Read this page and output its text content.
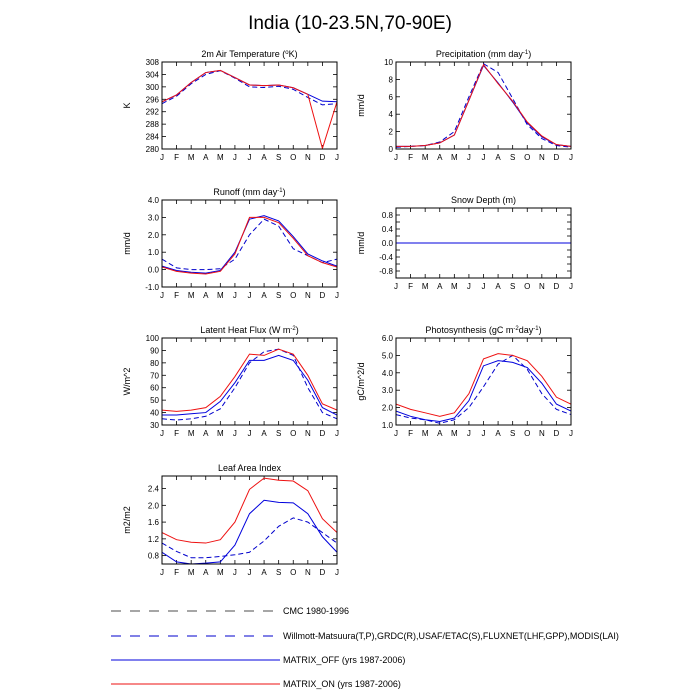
India (10-23.5N,70-90E)
2m Air Temperature ($^o$K)
K
280
284
288
292
296
300
304
308
J F M A M J J A S O N D J
Precipitation (mm day$^{-1}$)
mm/d
0
2
4
6
8
10
J F M A M J J A S O N D J
Runoff (mm day$^{-1}$)
mm/d
-1.0
0.0
1.0
2.0
3.0
4.0
J F M A M J J A S O N D J
Snow Depth (m)
mm/d
-0.8
-0.4
0.0
0.4
0.8
J F M A M J J A S O N D J
Latent Heat Flux (W $m^{-2}$)
W/m^2
30
40
50
60
70
80
90
100
J F M A M J J A S O N D J
Photosynthesis (gC $m^{-2}day^{-1}$)
gC/m^2/d
1.0
2.0
3.0
4.0
5.0
6.0
J F M A M J J A S O N D J
Leaf Area Index
m2/m2
0.8
1.2
1.6
2.0
2.4
J F M A M J J A S O N D J
CMC 1980-1996
Willmott-Matsuura(T,P),GRDC(R),USAF/ETAC(S),FLUXNET(LHF,GPP),MODIS(LAI)
MATRIX_OFF (yrs 1987-2006)
MATRIX_ON (yrs 1987-2006)
